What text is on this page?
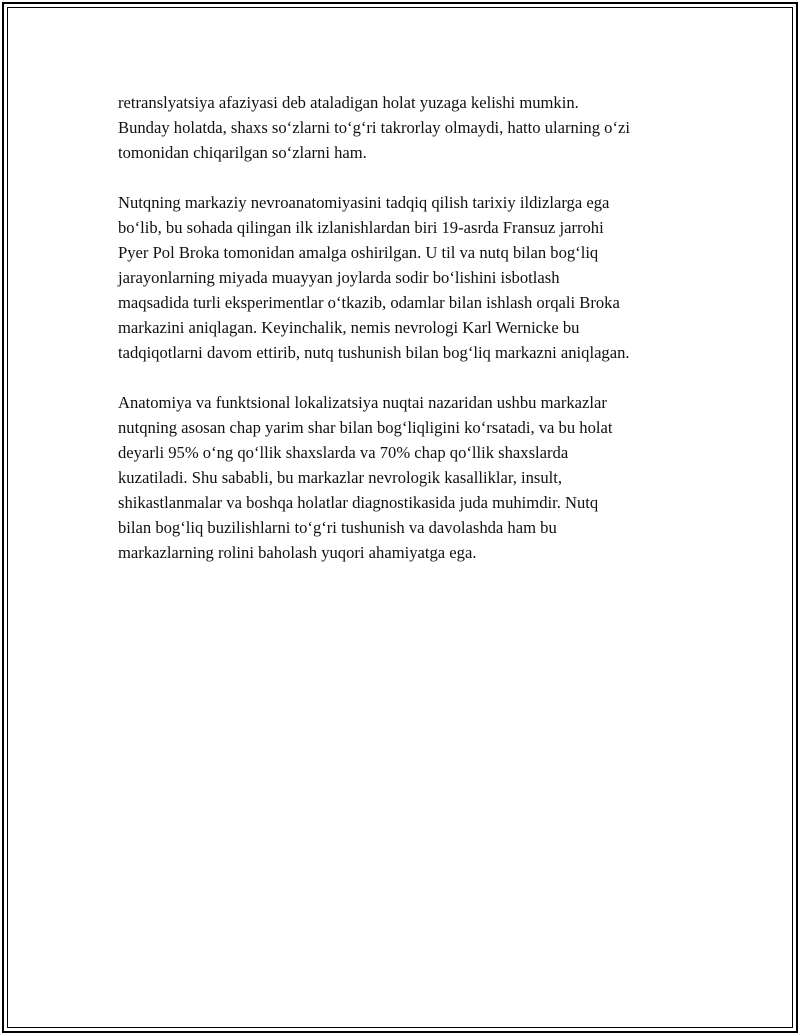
retranslyatsiya afaziyasi deb ataladigan holat yuzaga kelishi mumkin.
Bunday holatda, shaxs so‘zlarni to‘g‘ri takrorlay olmaydi, hatto ularning o‘zi
tomonidan chiqarilgan so‘zlarni ham.

Nutqning markaziy nevroanatomiyasini tadqiq qilish tarixiy ildizlarga ega
bo‘lib, bu sohada qilingan ilk izlanishlardan biri 19-asrda Fransuz jarrohi
Pyer Pol Broka tomonidan amalga oshirilgan. U til va nutq bilan bog‘liq
jarayonlarning miyada muayyan joylarda sodir bo‘lishini isbotlash
maqsadida turli eksperimentlar o‘tkazib, odamlar bilan ishlash orqali Broka
markazini aniqlagan. Keyinchalik, nemis nevrologi Karl Wernicke bu
tadqiqotlarni davom ettirib, nutq tushunish bilan bog‘liq markazni aniqlagan.

Anatomiya va funktsional lokalizatsiya nuqtai nazaridan ushbu markazlar
nutqning asosan chap yarim shar bilan bog‘liqligini ko‘rsatadi, va bu holat
deyarli 95% o‘ng qo‘llik shaxslarda va 70% chap qo‘llik shaxslarda
kuzatiladi. Shu sababli, bu markazlar nevrologik kasalliklar, insult,
shikastlanmalar va boshqa holatlar diagnostikasida juda muhimdir. Nutq
bilan bog‘liq buzilishlarni to‘g‘ri tushunish va davolashda ham bu
markazlarning rolini baholash yuqori ahamiyatga ega.
